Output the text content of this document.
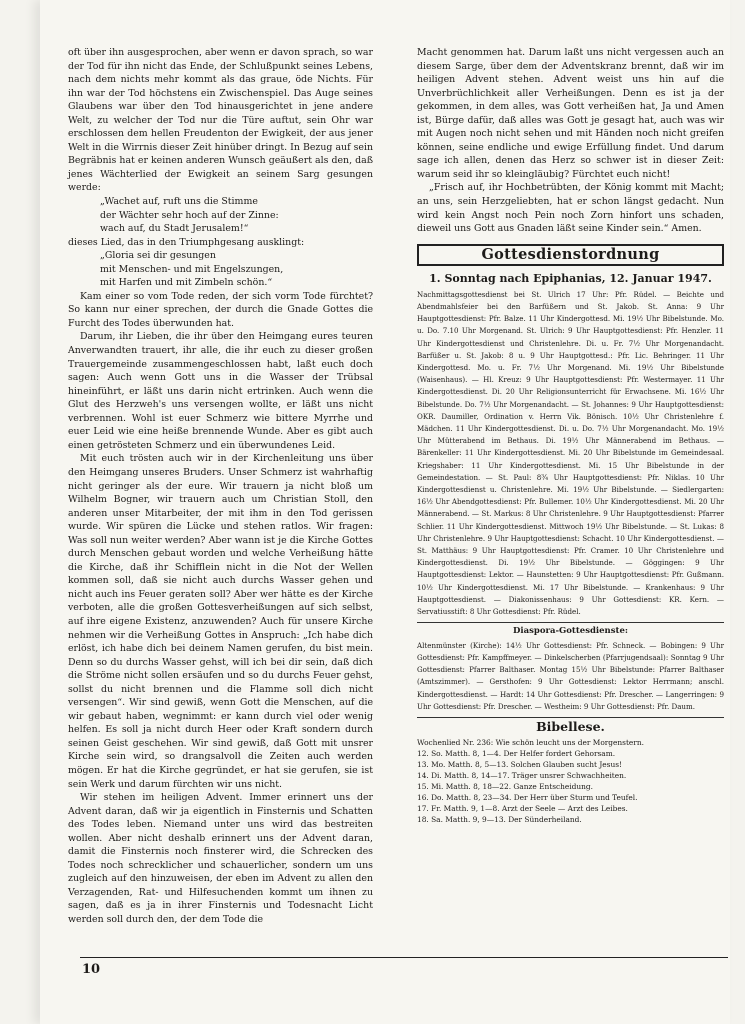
oft über ihn ausgesprochen, aber wenn er davon sprach, so war der Tod für ihn nicht das Ende, der Schlußpunkt seines Lebens, nach dem nichts mehr kommt als das graue, öde Nichts. Für ihn war der Tod höchstens ein Zwischenspiel. Das Auge seines Glaubens war über den Tod hinausgerichtet in jene andere Welt, zu welcher der Tod nur die Türe auftut, sein Ohr war erschlossen dem hellen Freudenton der Ewigkeit, der aus jener Welt in die Wirrnis dieser Zeit hinüber dringt. In Bezug auf sein Begräbnis hat er keinen anderen Wunsch geäußert als den, daß jenes Wächterlied der Ewigkeit an seinem Sarg gesungen werde:

„Wachet auf, ruft uns die Stimme
der Wächter sehr hoch auf der Zinne:
wach auf, du Stadt Jerusalem!“

dieses Lied, das in den Triumphgesang ausklingt:

„Gloria sei dir gesungen
mit Menschen- und mit Engelszungen,
mit Harfen und mit Zimbeln schön.“

Kam einer so vom Tode reden, der sich vorm Tode fürchtet? So kann nur einer sprechen, der durch die Gnade Gottes die Furcht des Todes überwunden hat.

Darum, ihr Lieben, die ihr über den Heimgang eures teuren Anverwandten trauert, ihr alle, die ihr euch zu dieser großen Trauergemeinde zusammengeschlossen habt, laßt euch doch sagen: Auch wenn Gott uns in die Wasser der Trübsal hineinführt, er läßt uns darin nicht ertrinken. Auch wenn die Glut des Herzweh's uns versengen wollte, er läßt uns nicht verbrennen. Wohl ist euer Schmerz wie bittere Myrrhe und euer Leid wie eine heiße brennende Wunde. Aber es gibt auch einen getrösteten Schmerz und ein überwundenes Leid.

Mit euch trösten auch wir in der Kirchenleitung uns über den Heimgang unseres Bruders. Unser Schmerz ist wahrhaftig nicht geringer als der eure. Wir trauern ja nicht bloß um Wilhelm Bogner, wir trauern auch um Christian Stoll, den anderen unser Mitarbeiter, der mit ihm in den Tod gerissen wurde. Wir spüren die Lücke und stehen ratlos. Wir fragen: Was soll nun weiter werden? Aber wann ist je die Kirche Gottes durch Menschen gebaut worden und welche Verheißung hätte die Kirche, daß ihr Schifflein nicht in die Not der Wellen kommen soll, daß sie nicht auch durchs Wasser gehen und nicht auch ins Feuer geraten soll? Aber wer hätte es der Kirche verboten, alle die großen Gottesverheißungen auf sich selbst, auf ihre eigene Existenz, anzuwenden? Auch für unsere Kirche nehmen wir die Verheißung Gottes in Anspruch: „Ich habe dich erlöst, ich habe dich bei deinem Namen gerufen, du bist mein. Denn so du durchs Wasser gehst, will ich bei dir sein, daß dich die Ströme nicht sollen ersäufen und so du durchs Feuer gehst, sollst du nicht brennen und die Flamme soll dich nicht versengen“. Wir sind gewiß, wenn Gott die Menschen, auf die wir gebaut haben, wegnimmt: er kann durch viel oder wenig helfen. Es soll ja nicht durch Heer oder Kraft sondern durch seinen Geist geschehen. Wir sind gewiß, daß Gott mit unsrer Kirche sein wird, so drangsalvoll die Zeiten auch werden mögen. Er hat die Kirche gegründet, er hat sie gerufen, sie ist sein Werk und darum fürchten wir uns nicht.

Wir stehen im heiligen Advent. Immer erinnert uns der Advent daran, daß wir ja eigentlich in Finsternis und Schatten des Todes leben. Niemand unter uns wird das bestreiten wollen. Aber nicht deshalb erinnert uns der Advent daran, damit die Finsternis noch finsterer wird, die Schrecken des Todes noch schrecklicher und schauerlicher, sondern um uns zugleich auf den hinzuweisen, der eben im Advent zu allen den Verzagenden, Rat- und Hilfesuchenden kommt um ihnen zu sagen, daß es ja in ihrer Finsternis und Todesnacht Licht werden soll durch den, der dem Tode die

Macht genommen hat. Darum laßt uns nicht vergessen auch an diesem Sarge, über dem der Adventskranz brennt, daß wir im heiligen Advent stehen. Advent weist uns hin auf die Unverbrüchlichkeit aller Verheißungen. Denn es ist ja der gekommen, in dem alles, was Gott verheißen hat, Ja und Amen ist, Bürge dafür, daß alles was Gott je gesagt hat, auch was wir mit Augen noch nicht sehen und mit Händen noch nicht greifen können, seine endliche und ewige Erfüllung findet. Und darum sage ich allen, denen das Herz so schwer ist in dieser Zeit: warum seid ihr so kleingläubig? Fürchtet euch nicht!

„Frisch auf, ihr Hochbetrübten, der König kommt mit Macht; an uns, sein Herzgeliebten, hat er schon längst gedacht. Nun wird kein Angst noch Pein noch Zorn hinfort uns schaden, dieweil uns Gott aus Gnaden läßt seine Kinder sein.“ Amen.

Gottesdienstordnung
1. Sonntag nach Epiphanias, 12. Januar 1947.
Nachmittagsgottesdienst bei St. Ulrich 17 Uhr: Pfr. Rüdel. — Beichte und Abendmahlsfeier bei den Barfüßern und St. Jakob. St. Anna: 9 Uhr Hauptgottesdienst: Pfr. Balze. 11 Uhr Kindergottesd. Mi. 19½ Uhr Bibelstunde. Mo. u. Do. 7.10 Uhr Morgenand. St. Ulrich: 9 Uhr Hauptgottesdienst: Pfr. Henzler. 11 Uhr Kindergottesdienst und Christenlehre. Di. u. Fr. 7½ Uhr Morgenandacht. Barfüßer u. St. Jakob: 8 u. 9 Uhr Hauptgottesd.: Pfr. Lic. Behringer. 11 Uhr Kindergottesd. Mo. u. Fr. 7½ Uhr Morgenand. Mi. 19½ Uhr Bibelstunde (Waisenhaus). — Hl. Kreuz: 9 Uhr Hauptgottesdienst: Pfr. Westermayer. 11 Uhr Kindergottesdienst. Di. 20 Uhr Religionsunterricht für Erwachsene. Mi. 16½ Uhr Bibelstunde. Do. 7½ Uhr Morgenandacht. — St. Johannes: 9 Uhr Hauptgottesdienst: OKR. Daumiller, Ordination v. Herrn Vik. Bönisch. 10½ Uhr Christenlehre f. Mädchen. 11 Uhr Kindergottesdienst. Di. u. Do. 7½ Uhr Morgenandacht. Mo. 19½ Uhr Mütterabend im Bethaus. Di. 19½ Uhr Männerabend im Bethaus. — Bärenkeller: 11 Uhr Kindergottesdienst. Mi. 20 Uhr Bibelstunde im Gemeindesaal. Kriegshaber: 11 Uhr Kindergottesdienst. Mi. 15 Uhr Bibelstunde in der Gemeindestation. — St. Paul: 8¾ Uhr Hauptgottesdienst: Pfr. Niklas. 10 Uhr Kindergottesdienst u. Christenlehre. Mi. 19½ Uhr Bibelstunde. — Siedlergarten: 16½ Uhr Abendgottesdienst: Pfr. Bullemer. 10½ Uhr Kindergottesdienst. Mi. 20 Uhr Männerabend. — St. Markus: 8 Uhr Christenlehre. 9 Uhr Hauptgottesdienst: Pfarrer Schlier. 11 Uhr Kindergottesdienst. Mittwoch 19½ Uhr Bibelstunde. — St. Lukas: 8 Uhr Christenlehre. 9 Uhr Hauptgottesdienst: Schacht. 10 Uhr Kindergottesdienst. — St. Matthäus: 9 Uhr Hauptgottesdienst: Pfr. Cramer. 10 Uhr Christenlehre und Kindergottesdienst. Di. 19½ Uhr Bibelstunde. — Göggingen: 9 Uhr Hauptgottesdienst: Lektor. — Haunstetten: 9 Uhr Hauptgottesdienst: Pfr. Gußmann. 10½ Uhr Kindergottesdienst. Mi. 17 Uhr Bibelstunde. — Krankenhaus: 9 Uhr Hauptgottesdienst. — Diakonissenhaus: 9 Uhr Gottesdienst: KR. Kern. — Servatiusstift: 8 Uhr Gottesdienst: Pfr. Rüdel.
Diaspora-Gottesdienste:
Altenmünster (Kirche): 14½ Uhr Gottesdienst: Pfr. Schneck. — Bobingen: 9 Uhr Gottesdienst: Pfr. Kampffmeyer. — Dinkelscherben (Pfarrjugendsaal): Sonntag 9 Uhr Gottesdienst: Pfarrer Balthaser. Montag 15½ Uhr Bibelstunde: Pfarrer Balthaser (Amtszimmer). — Gersthofen: 9 Uhr Gottesdienst: Lektor Herrmann; anschl. Kindergottesdienst. — Hardt: 14 Uhr Gottesdienst: Pfr. Drescher. — Langerringen: 9 Uhr Gottesdienst: Pfr. Drescher. — Westheim: 9 Uhr Gottesdienst: Pfr. Daum.
Bibellese.
Wochenlied Nr. 236: Wie schön leucht uns der Morgenstern.
12. So. Matth. 8, 1—4. Der Helfer fordert Gehorsam.
13. Mo. Matth. 8, 5—13. Solchen Glauben sucht Jesus!
14. Di. Matth. 8, 14—17. Träger unsrer Schwachheiten.
15. Mi. Matth. 8, 18—22. Ganze Entscheidung.
16. Do. Matth. 8, 23—34. Der Herr über Sturm und Teufel.
17. Fr. Matth. 9, 1—8. Arzt der Seele — Arzt des Leibes.
18. Sa. Matth. 9, 9—13. Der Sünderheiland.
10
